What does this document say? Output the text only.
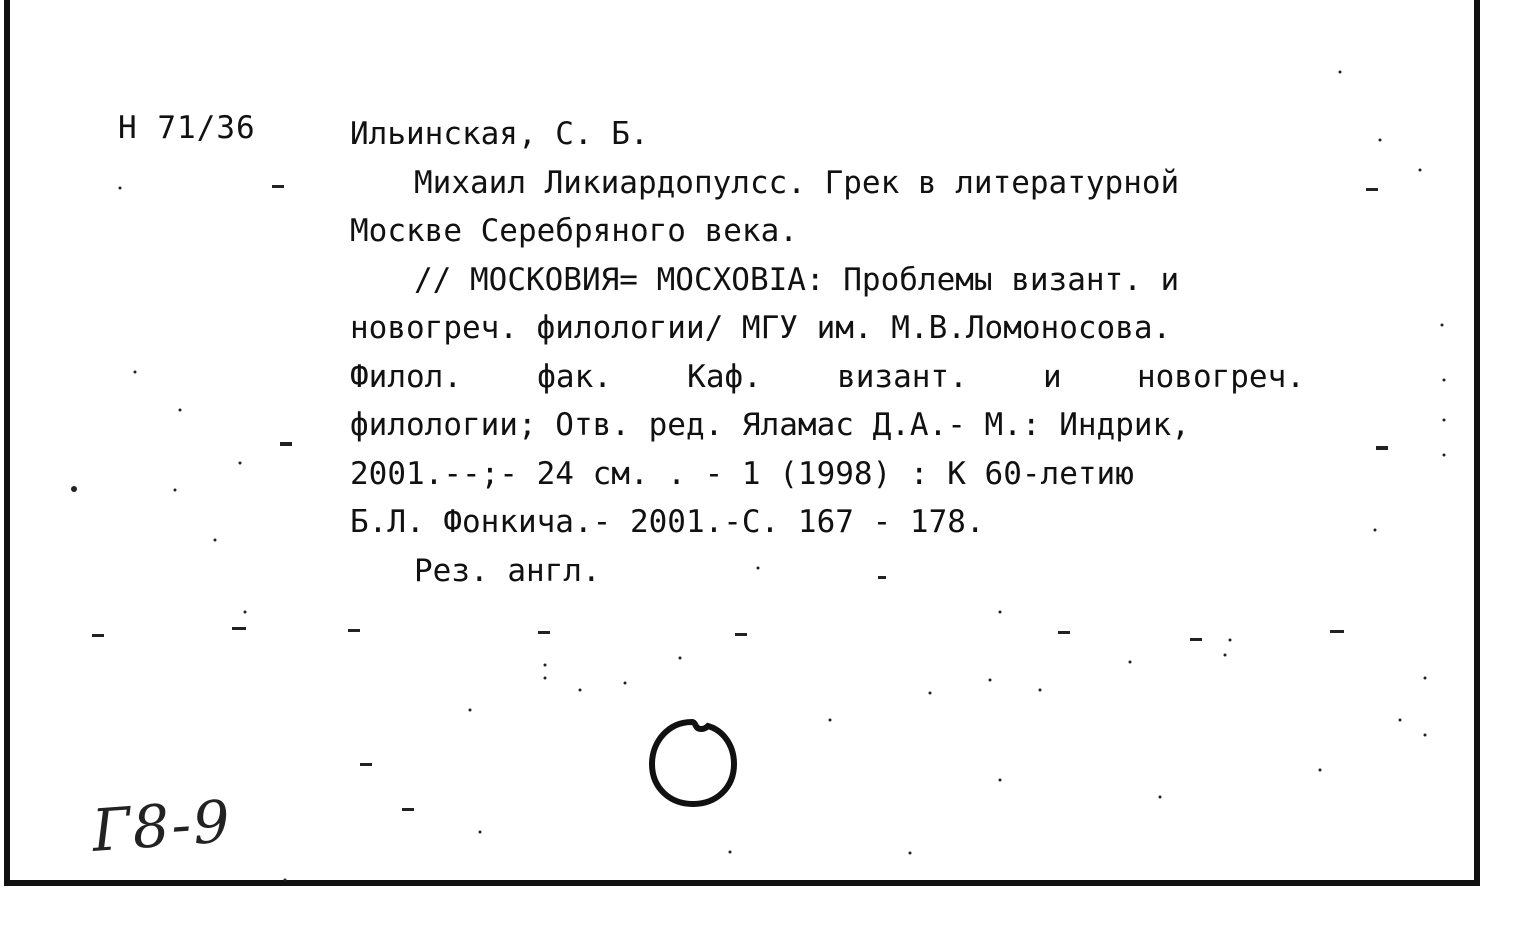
Н 71/36	Ильинская, С. Б.
Михаил Ликиардопулсс. Грек в литературной
Москве Серебряного века.
// МОСКОВИЯ= МОСХОВIА: Проблемы визант. и
новогреч. филологии/ МГУ им. М.В.Ломоносова.
Филол. фак. Каф. визант. и новогреч.
филологии; Отв. ред. Яламас Д.А.- М.: Индрик,
2001.--;- 24 см. . - 1 (1998) : К 60-летию
Б.Л. Фонкича.- 2001.-С. 167 - 178.
Рез. англ.
Г8-9
